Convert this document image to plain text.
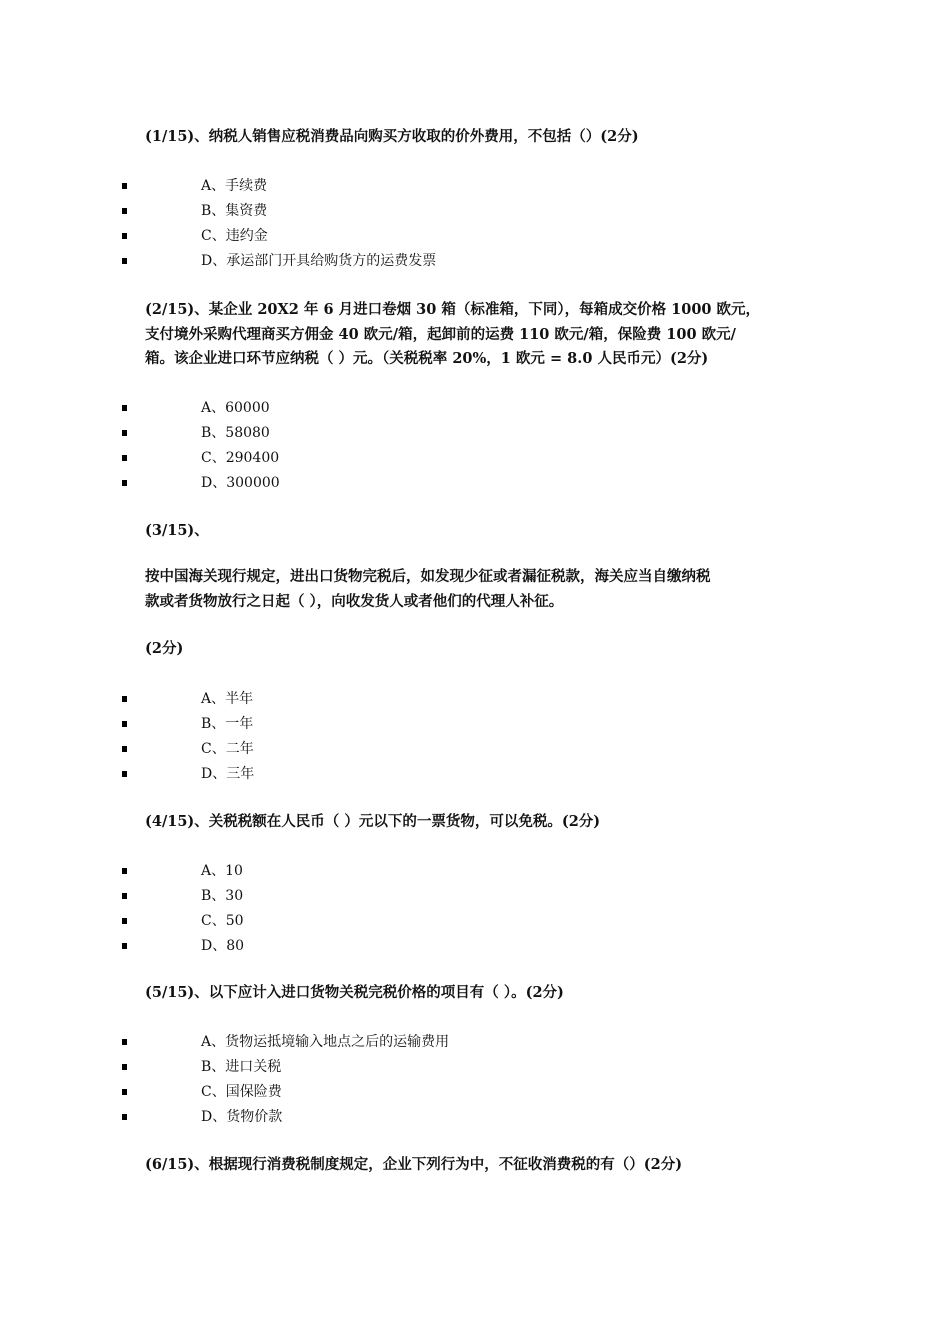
(1/15)、纳税人销售应税消费品向购买方收取的价外费用，不包括（）(2分)

A、手续费
B、集资费
C、违约金
D、承运部门开具给购货方的运费发票

(2/15)、某企业 20X2 年 6 月进口卷烟 30 箱（标准箱，下同），每箱成交价格 1000 欧元，
支付境外采购代理商买方佣金 40 欧元/箱，起卸前的运费 110 欧元/箱，保险费 100 欧元/
箱。该企业进口环节应纳税（ ）元。（关税税率 20%，1 欧元 = 8.0 人民币元）(2分)

A、60000
B、58080
C、290400
D、300000

(3/15)、

按中国海关现行规定，进出口货物完税后，如发现少征或者漏征税款，海关应当自缴纳税
款或者货物放行之日起（ ），向收发货人或者他们的代理人补征。

(2分)

A、半年
B、一年
C、二年
D、三年

(4/15)、关税税额在人民币（ ）元以下的一票货物，可以免税。(2分)

A、10
B、30
C、50
D、80

(5/15)、以下应计入进口货物关税完税价格的项目有（ ）。(2分)

A、货物运抵境输入地点之后的运输费用
B、进口关税
C、国保险费
D、货物价款

(6/15)、根据现行消费税制度规定，企业下列行为中，不征收消费税的有（）(2分)
